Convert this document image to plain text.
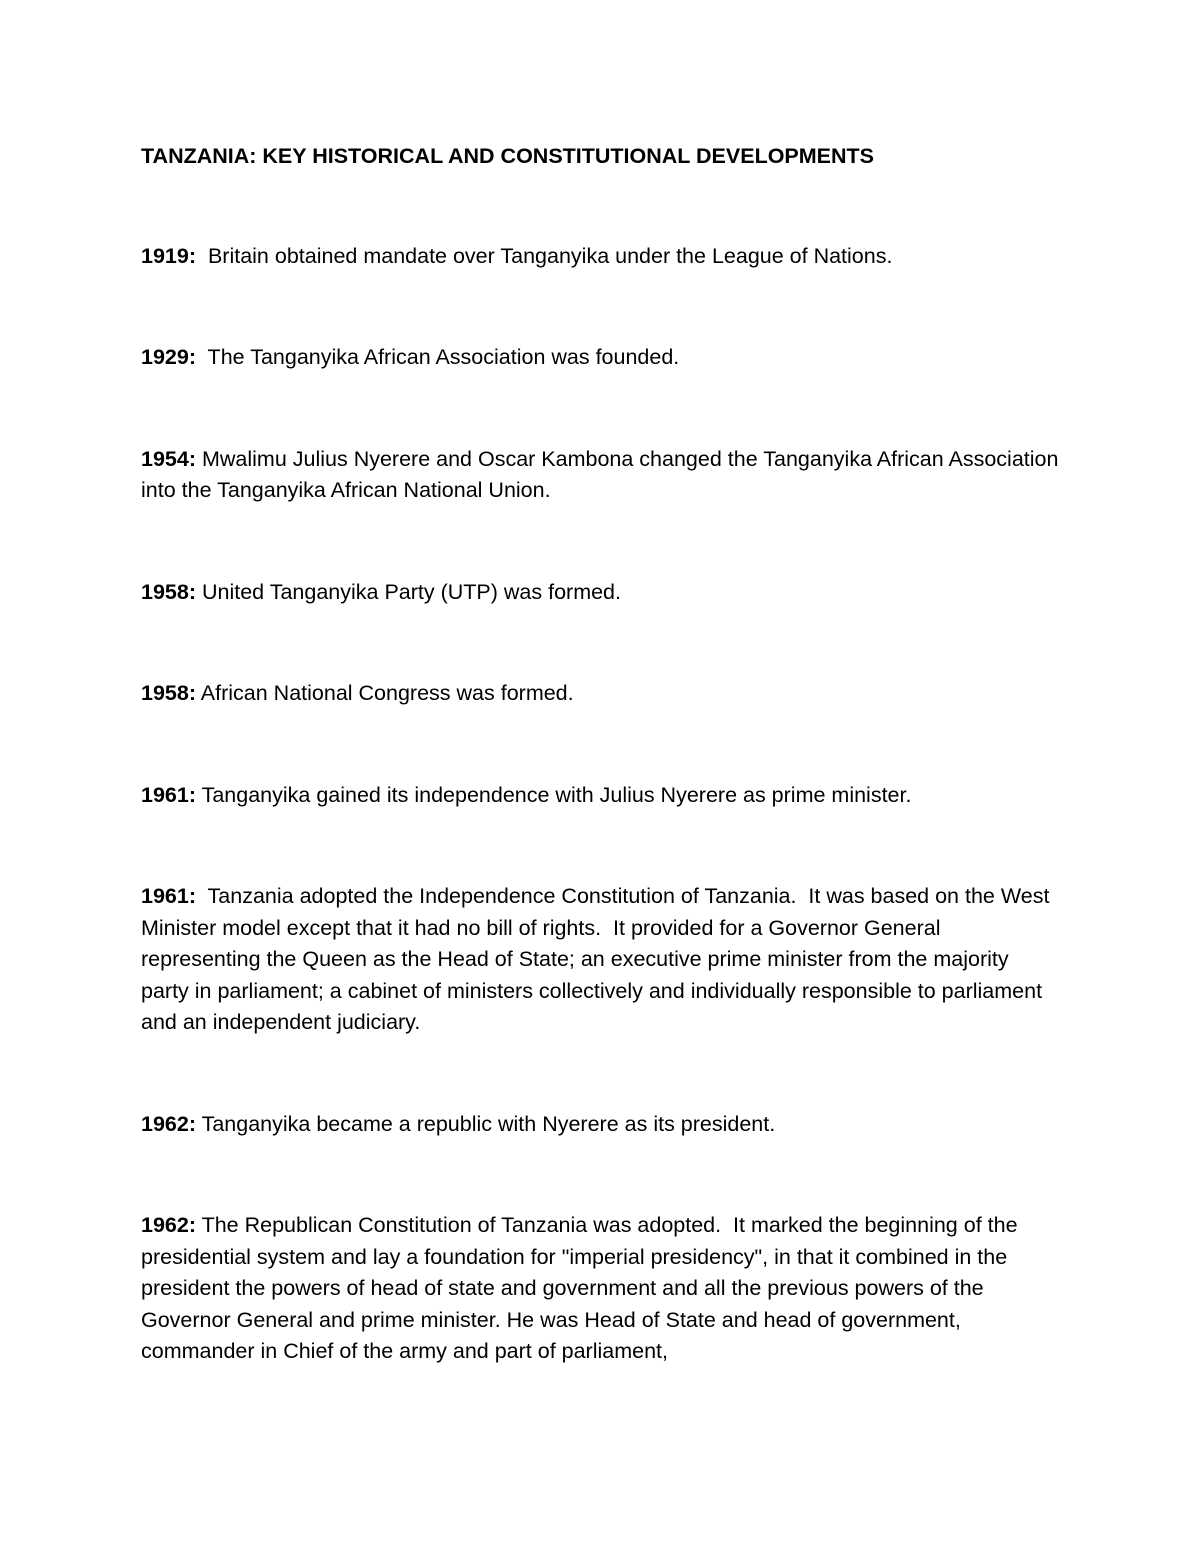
TANZANIA: KEY HISTORICAL AND CONSTITUTIONAL DEVELOPMENTS

1919:  Britain obtained mandate over Tanganyika under the League of Nations.

1929:  The Tanganyika African Association was founded.

1954: Mwalimu Julius Nyerere and Oscar Kambona changed the Tanganyika African Association into the Tanganyika African National Union.

1958: United Tanganyika Party (UTP) was formed.

1958: African National Congress was formed.

1961: Tanganyika gained its independence with Julius Nyerere as prime minister.

1961:  Tanzania adopted the Independence Constitution of Tanzania.  It was based on the West Minister model except that it had no bill of rights.  It provided for a Governor General representing the Queen as the Head of State; an executive prime minister from the majority party in parliament; a cabinet of ministers collectively and individually responsible to parliament and an independent judiciary.

1962: Tanganyika became a republic with Nyerere as its president.

1962: The Republican Constitution of Tanzania was adopted.  It marked the beginning of the presidential system and lay a foundation for "imperial presidency", in that it combined in the president the powers of head of state and government and all the previous powers of the Governor General and prime minister. He was Head of State and head of government, commander in Chief of the army and part of parliament,
